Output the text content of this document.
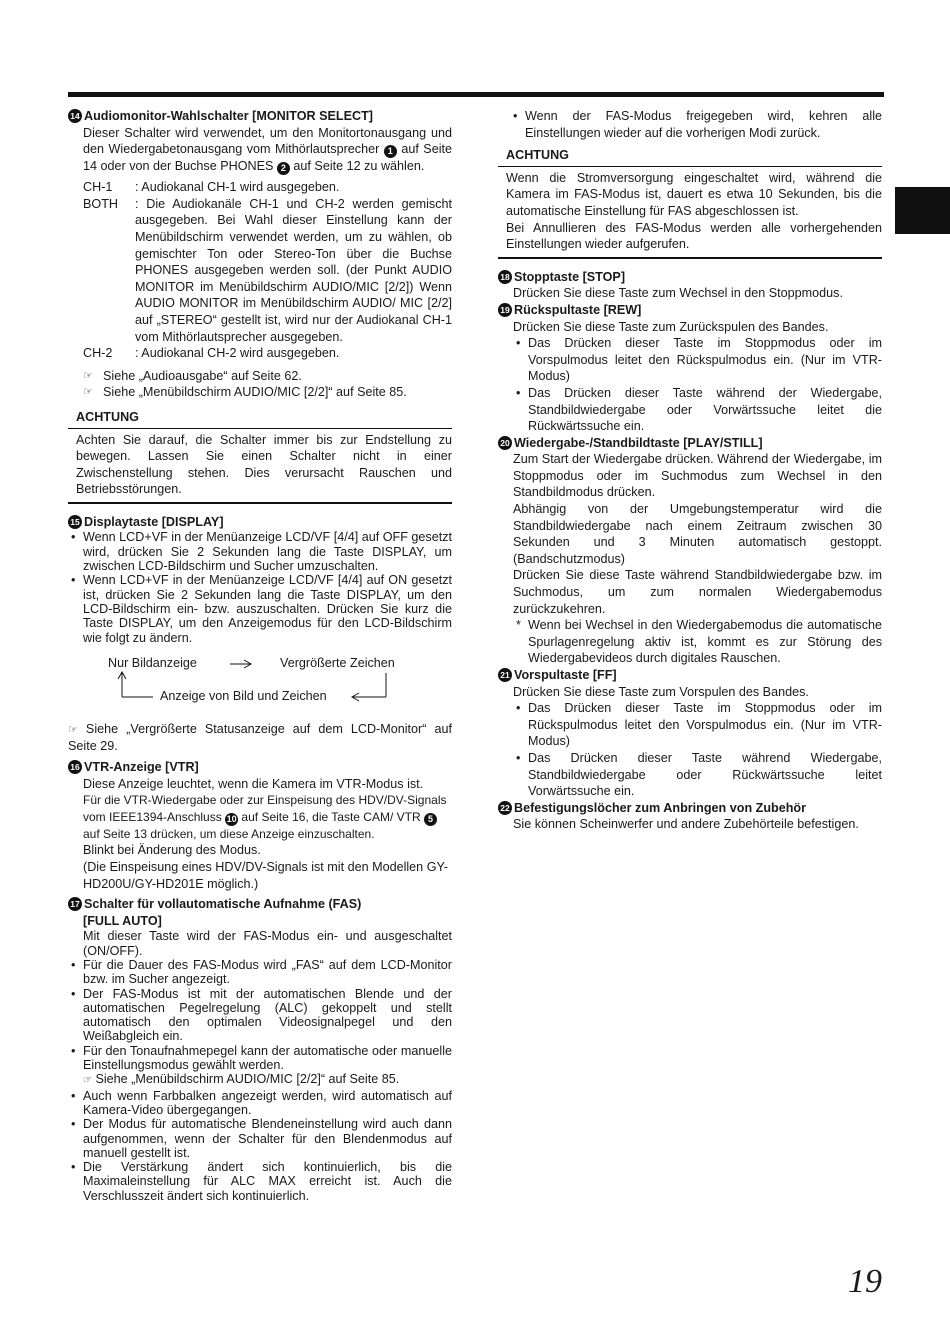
14 Audiomonitor-Wahlschalter [MONITOR SELECT]

Dieser Schalter wird verwendet, um den Monitortonausgang und den Wiedergabetonausgang vom Mithörlautsprecher 1 auf Seite 14 oder von der Buchse PHONES 2 auf Seite 12 zu wählen.

CH-1	: Audiokanal CH-1 wird ausgegeben.
BOTH	: Die Audiokanäle CH-1 und CH-2 werden gemischt ausgegeben. Bei Wahl dieser Einstellung kann der Menübildschirm verwendet werden, um zu wählen, ob gemischter Ton oder Stereo-Ton über die Buchse PHONES ausgegeben werden soll. (der Punkt AUDIO MONITOR im Menübildschirm AUDIO/MIC [2/2]) Wenn AUDIO MONITOR im Menübildschirm AUDIO/ MIC [2/2] auf „STEREO“ gestellt ist, wird nur der Audiokanal CH-1 vom Mithörlautsprecher ausgegeben.
CH-2	: Audiokanal CH-2 wird ausgegeben.
☞ Siehe „Audioausgabe“ auf Seite 62.
☞ Siehe „Menübildschirm AUDIO/MIC [2/2]“ auf Seite 85.
ACHTUNG
Achten Sie darauf, die Schalter immer bis zur Endstellung zu bewegen. Lassen Sie einen Schalter nicht in einer Zwischenstellung stehen. Dies verursacht Rauschen und Betriebsstörungen.
15 Displaytaste [DISPLAY]
• Wenn LCD+VF in der Menüanzeige LCD/VF [4/4] auf OFF gesetzt wird, drücken Sie 2 Sekunden lang die Taste DISPLAY, um zwischen LCD-Bildschirm und Sucher umzuschalten.
• Wenn LCD+VF in der Menüanzeige LCD/VF [4/4] auf ON gesetzt ist, drücken Sie 2 Sekunden lang die Taste DISPLAY, um den LCD-Bildschirm ein- bzw. auszuschalten. Drücken Sie kurz die Taste DISPLAY, um den Anzeigemodus für den LCD-Bildschirm wie folgt zu ändern.
Nur Bildanzeige	Vergrößerte Zeichen
Anzeige von Bild und Zeichen

☞ Siehe „Vergrößerte Statusanzeige auf dem LCD-Monitor“ auf Seite 29.

16 VTR-Anzeige [VTR]

Diese Anzeige leuchtet, wenn die Kamera im VTR-Modus ist.

Für die VTR-Wiedergabe oder zur Einspeisung des HDV/DV-Signals vom IEEE1394-Anschluss 10 auf Seite 16, die Taste CAM/ VTR 5 auf Seite 13 drücken, um diese Anzeige einzuschalten.

Blinkt bei Änderung des Modus.

(Die Einspeisung eines HDV/DV-Signals ist mit den Modellen GY-HD200U/GY-HD201E möglich.)

17 Schalter für vollautomatische Aufnahme (FAS)
[FULL AUTO]

Mit dieser Taste wird der FAS-Modus ein- und ausgeschaltet (ON/OFF).

• Für die Dauer des FAS-Modus wird „FAS“ auf dem LCD-Monitor bzw. im Sucher angezeigt.
• Der FAS-Modus ist mit der automatischen Blende und der automatischen Pegelregelung (ALC) gekoppelt und stellt automatisch den optimalen Videosignalpegel und den Weißabgleich ein.
• Für den Tonaufnahmepegel kann der automatische oder manuelle Einstellungsmodus gewählt werden.
☞ Siehe „Menübildschirm AUDIO/MIC [2/2]“ auf Seite 85.
• Auch wenn Farbbalken angezeigt werden, wird automatisch auf Kamera-Video übergegangen.
• Der Modus für automatische Blendeneinstellung wird auch dann aufgenommen, wenn der Schalter für den Blendenmodus auf manuell gestellt ist.
• Die Verstärkung ändert sich kontinuierlich, bis die Maximaleinstellung für ALC MAX erreicht ist. Auch die Verschlusszeit ändert sich kontinuierlich.
• Wenn der FAS-Modus freigegeben wird, kehren alle Einstellungen wieder auf die vorherigen Modi zurück.
ACHTUNG
Wenn die Stromversorgung eingeschaltet wird, während die Kamera im FAS-Modus ist, dauert es etwa 10 Sekunden, bis die automatische Einstellung für FAS abgeschlossen ist.
Bei Annullieren des FAS-Modus werden alle vorhergehenden Einstellungen wieder aufgerufen.
18 Stopptaste [STOP]

Drücken Sie diese Taste zum Wechsel in den Stoppmodus.

19 Rückspultaste [REW]

Drücken Sie diese Taste zum Zurückspulen des Bandes.

• Das Drücken dieser Taste im Stoppmodus oder im Vorspulmodus leitet den Rückspulmodus ein. (Nur im VTR-Modus)
• Das Drücken dieser Taste während der Wiedergabe, Standbildwiedergabe oder Vorwärtssuche leitet die Rückwärtssuche ein.
20 Wiedergabe-/Standbildtaste [PLAY/STILL]

Zum Start der Wiedergabe drücken. Während der Wiedergabe, im Stoppmodus oder im Suchmodus zum Wechsel in den Standbildmodus drücken.

Abhängig von der Umgebungstemperatur wird die Standbildwiedergabe nach einem Zeitraum zwischen 30 Sekunden und 3 Minuten automatisch gestoppt. (Bandschutzmodus)

Drücken Sie diese Taste während Standbildwiedergabe bzw. im Suchmodus, um zum normalen Wiedergabemodus zurückzukehren.

* Wenn bei Wechsel in den Wiedergabemodus die automatische Spurlagenregelung aktiv ist, kommt es zur Störung des Wiedergabevideos durch digitales Rauschen.
21 Vorspultaste [FF]

Drücken Sie diese Taste zum Vorspulen des Bandes.

• Das Drücken dieser Taste im Stoppmodus oder im Rückspulmodus leitet den Vorspulmodus ein. (Nur im VTR-Modus)
• Das Drücken dieser Taste während Wiedergabe, Standbildwiedergabe oder Rückwärtssuche leitet Vorwärtssuche ein.
22 Befestigungslöcher zum Anbringen von Zubehör

Sie können Scheinwerfer und andere Zubehörteile befestigen.

19
